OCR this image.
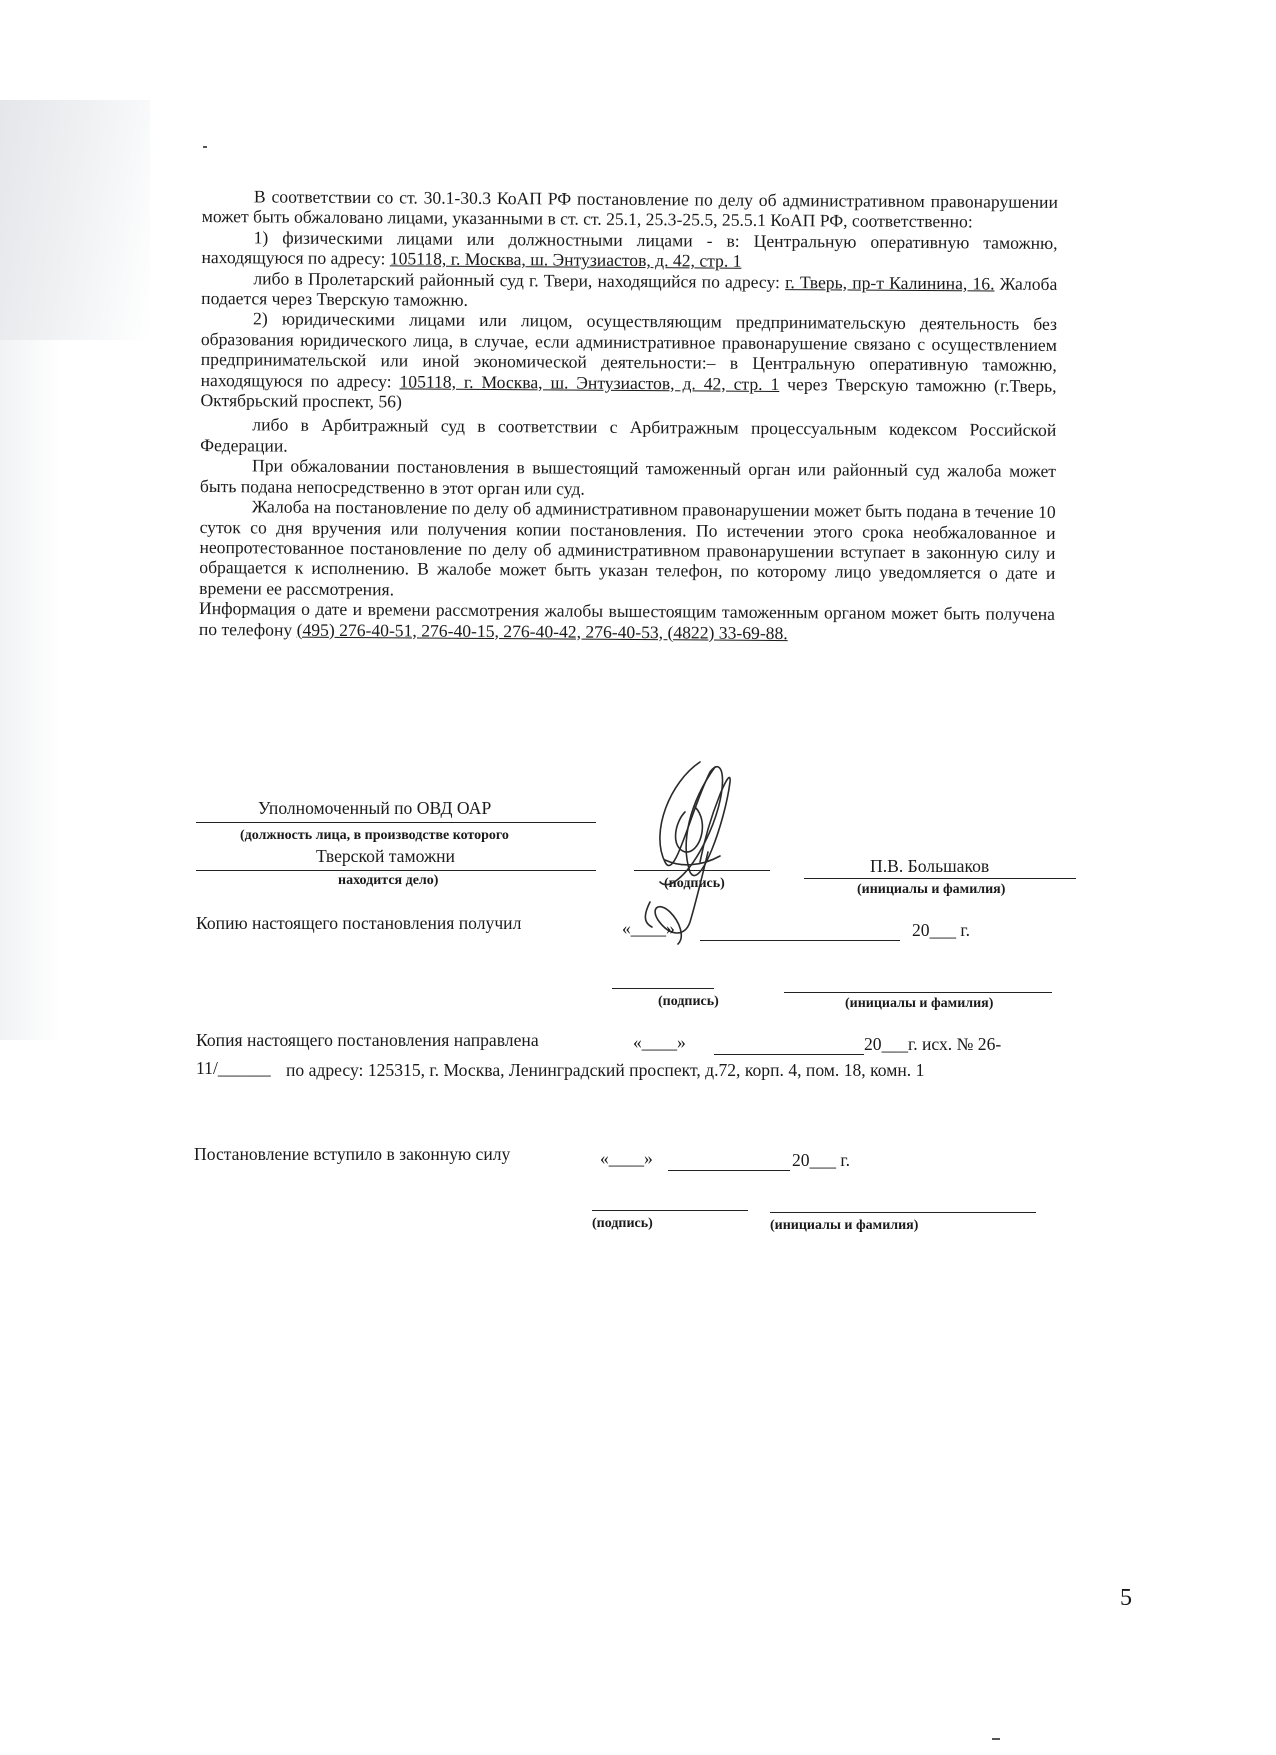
В соответствии со ст. 30.1-30.3 КоАП РФ постановление по делу об административном правонарушении может быть обжаловано лицами, указанными в ст. ст. 25.1, 25.3-25.5, 25.5.1 КоАП РФ, соответственно:

1) физическими лицами или должностными лицами - в: Центральную оперативную таможню, находящуюся по адресу: 105118, г. Москва, ш. Энтузиастов, д. 42, стр. 1

либо в Пролетарский районный суд г. Твери, находящийся по адресу: г. Тверь, пр-т Калинина, 16. Жалоба подается через Тверскую таможню.

2) юридическими лицами или лицом, осуществляющим предпринимательскую деятельность без образования юридического лица, в случае, если административное правонарушение связано с осуществлением предпринимательской или иной экономической деятельности:– в Центральную оперативную таможню, находящуюся по адресу: 105118, г. Москва, ш. Энтузиастов, д. 42, стр. 1 через Тверскую таможню (г.Тверь, Октябрьский проспект, 56)

либо в Арбитражный суд в соответствии с Арбитражным процессуальным кодексом Российской Федерации.

При обжаловании постановления в вышестоящий таможенный орган или районный суд жалоба может быть подана непосредственно в этот орган или суд.

Жалоба на постановление по делу об административном правонарушении может быть подана в течение 10 суток со дня вручения или получения копии постановления. По истечении этого срока необжалованное и неопротестованное постановление по делу об административном правонарушении вступает в законную силу и обращается к исполнению. В жалобе может быть указан телефон, по которому лицо уведомляется о дате и времени ее рассмотрения.

Информация о дате и времени рассмотрения жалобы вышестоящим таможенным органом может быть получена по телефону (495) 276-40-51, 276-40-15, 276-40-42, 276-40-53, (4822) 33-69-88.

Уполномоченный по ОВД ОАР
(должность лица, в производстве которого
Тверской таможни
находится дело)	(подпись)
П.В. Большаков
(инициалы и фамилия)
Копию настоящего постановления получил	«____»	20___ г.
(подпись)	(инициалы и фамилия)
Копия настоящего постановления направлена	«____»	20___г. исх. № 26-
11/______ по адресу: 125315, г. Москва, Ленинградский проспект, д.72, корп. 4, пом. 18, комн. 1
Постановление вступило в законную силу	«____»	20___ г.
(подпись)	(инициалы и фамилия)
5
